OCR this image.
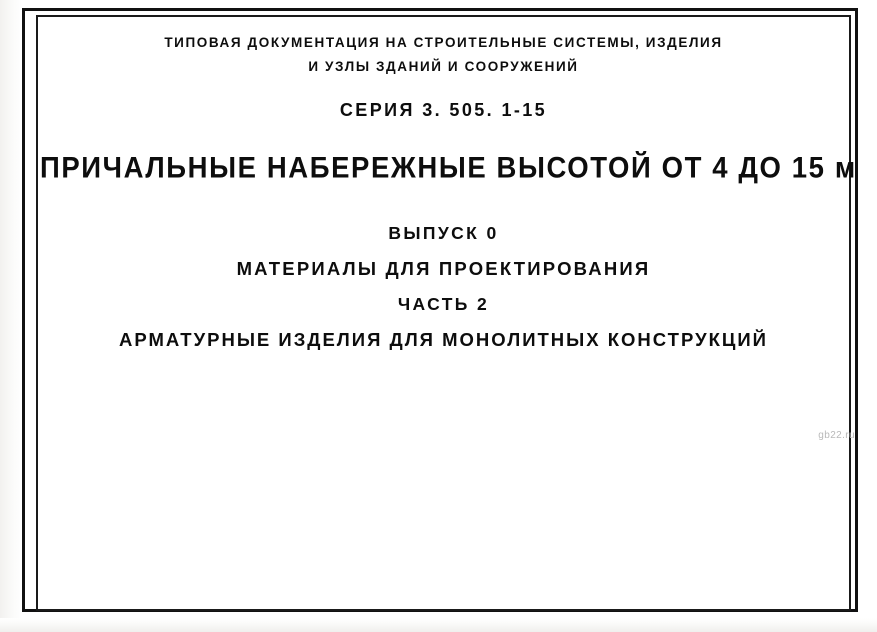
ТИПОВАЯ ДОКУМЕНТАЦИЯ НА СТРОИТЕЛЬНЫЕ СИСТЕМЫ, ИЗДЕЛИЯ
И УЗЛЫ ЗДАНИЙ И СООРУЖЕНИЙ
СЕРИЯ 3. 505. 1-15
ПРИЧАЛЬНЫЕ НАБЕРЕЖНЫЕ ВЫСОТОЙ ОТ 4 ДО 15 м
ВЫПУСК 0
МАТЕРИАЛЫ ДЛЯ ПРОЕКТИРОВАНИЯ
ЧАСТЬ 2
АРМАТУРНЫЕ ИЗДЕЛИЯ ДЛЯ МОНОЛИТНЫХ КОНСТРУКЦИЙ
gb22.ru
